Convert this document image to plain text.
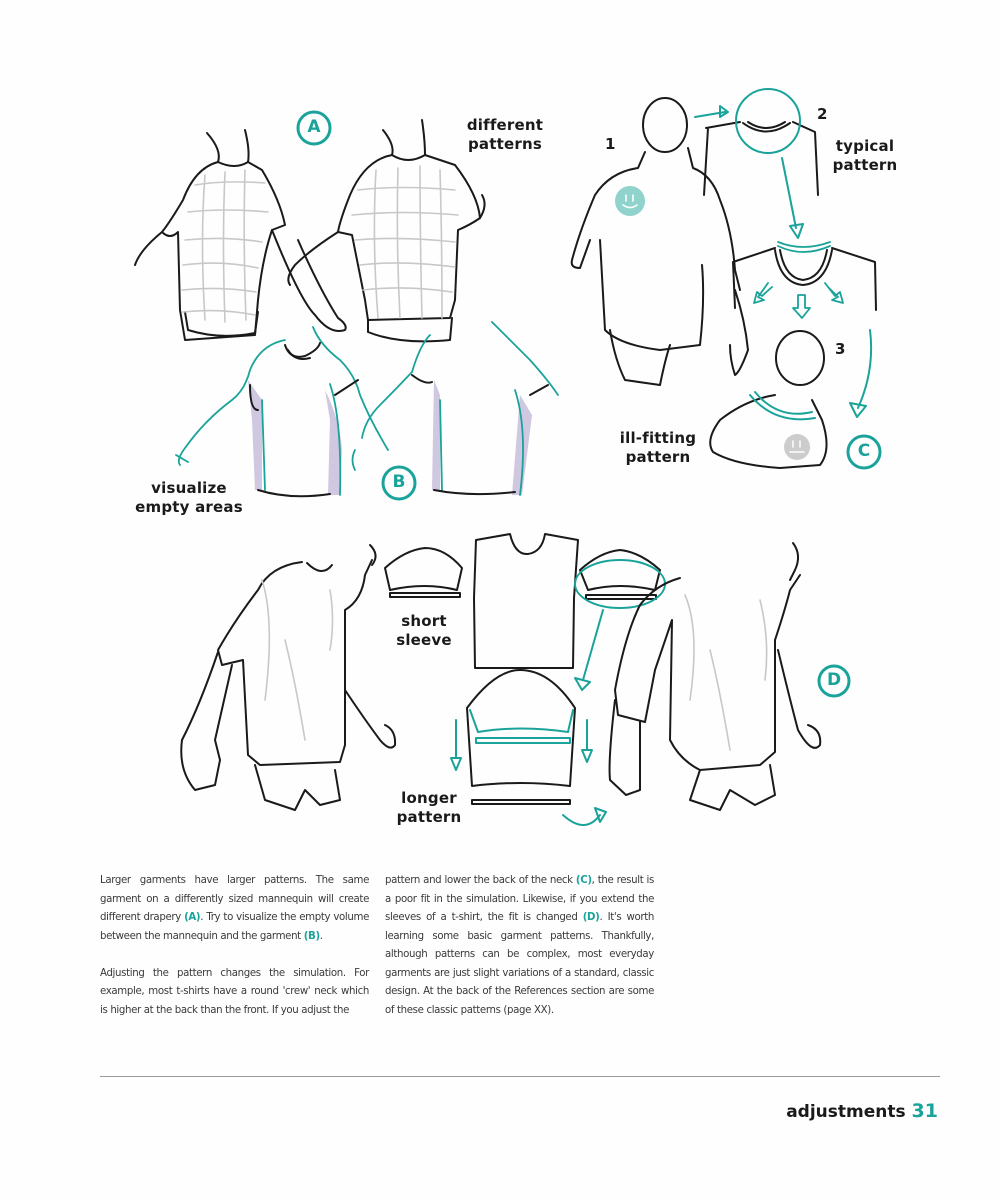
A
B
C
D
1
2
3
different
patterns
visualize
empty areas
typical
pattern
ill-fitting
pattern
short
sleeve
longer
pattern

Larger garments have larger patterns. The same garment on a differently sized mannequin will create different drapery (A). Try to visualize the empty volume between the mannequin and the garment (B).

Adjusting the pattern changes the simulation. For example, most t-shirts have a round 'crew' neck which is higher at the back than the front. If you adjust the

pattern and lower the back of the neck (C), the result is a poor fit in the simulation. Likewise, if you extend the sleeves of a t-shirt, the fit is changed (D). It's worth learning some basic garment patterns. Thankfully, although patterns can be complex, most everyday garments are just slight variations of a standard, classic design. At the back of the References section are some of these classic patterns (page XX).

adjustments 31
